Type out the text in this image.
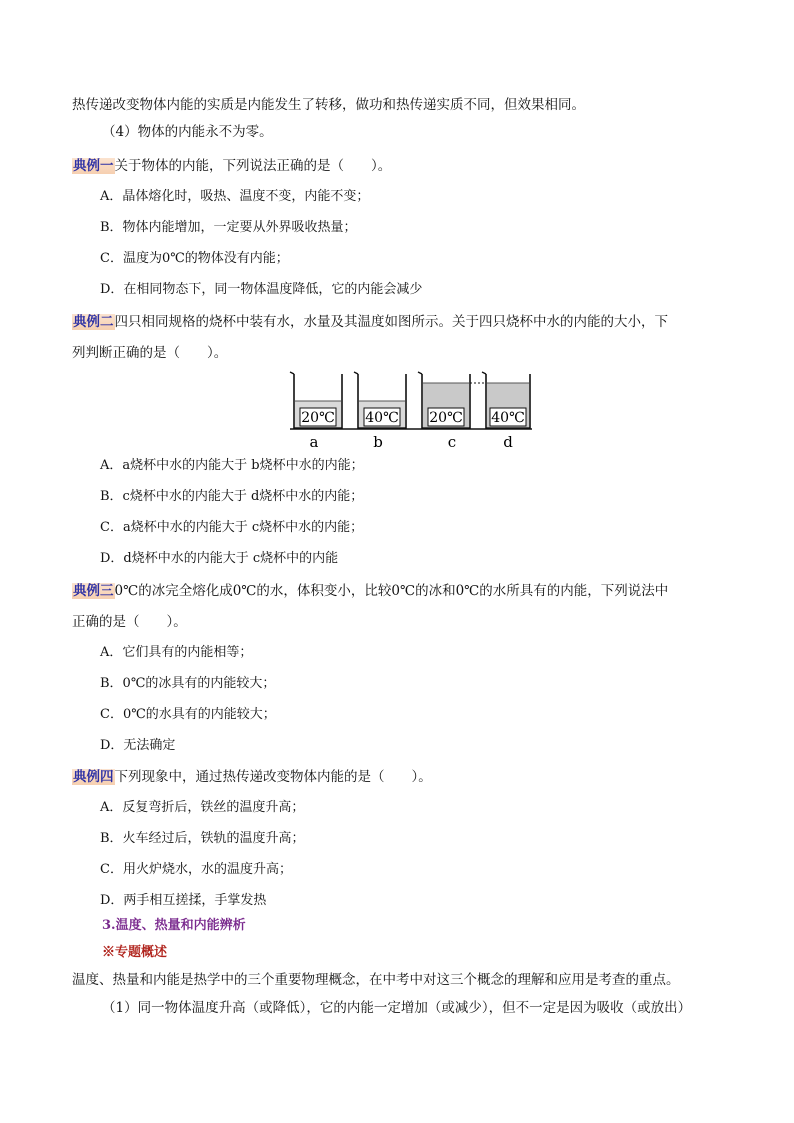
热传递改变物体内能的实质是内能发生了转移，做功和热传递实质不同，但效果相同。
（4）物体的内能永不为零。
典例一关于物体的内能，下列说法正确的是（　　）。
A．晶体熔化时，吸热、温度不变，内能不变；
B．物体内能增加，一定要从外界吸收热量；
C．温度为0℃的物体没有内能；
D．在相同物态下，同一物体温度降低，它的内能会减少
典例二四只相同规格的烧杯中装有水，水量及其温度如图所示。关于四只烧杯中水的内能的大小，下
列判断正确的是（　　）。
20℃ 40℃ 20℃ 40℃
a	b	c	d
A．a烧杯中水的内能大于 b烧杯中水的内能；
B．c烧杯中水的内能大于 d烧杯中水的内能；
C．a烧杯中水的内能大于 c烧杯中水的内能；
D．d烧杯中水的内能大于 c烧杯中的内能
典例三0℃的冰完全熔化成0℃的水，体积变小，比较0℃的冰和0℃的水所具有的内能，下列说法中
正确的是（　　）。
A．它们具有的内能相等；
B．0℃的冰具有的内能较大；
C．0℃的水具有的内能较大；
D．无法确定
典例四下列现象中，通过热传递改变物体内能的是（　　）。
A．反复弯折后，铁丝的温度升高；
B．火车经过后，铁轨的温度升高；
C．用火炉烧水，水的温度升高；
D．两手相互搓揉，手掌发热
3.温度、热量和内能辨析
※专题概述
温度、热量和内能是热学中的三个重要物理概念，在中考中对这三个概念的理解和应用是考查的重点。
（1）同一物体温度升高（或降低），它的内能一定增加（或减少），但不一定是因为吸收（或放出）
